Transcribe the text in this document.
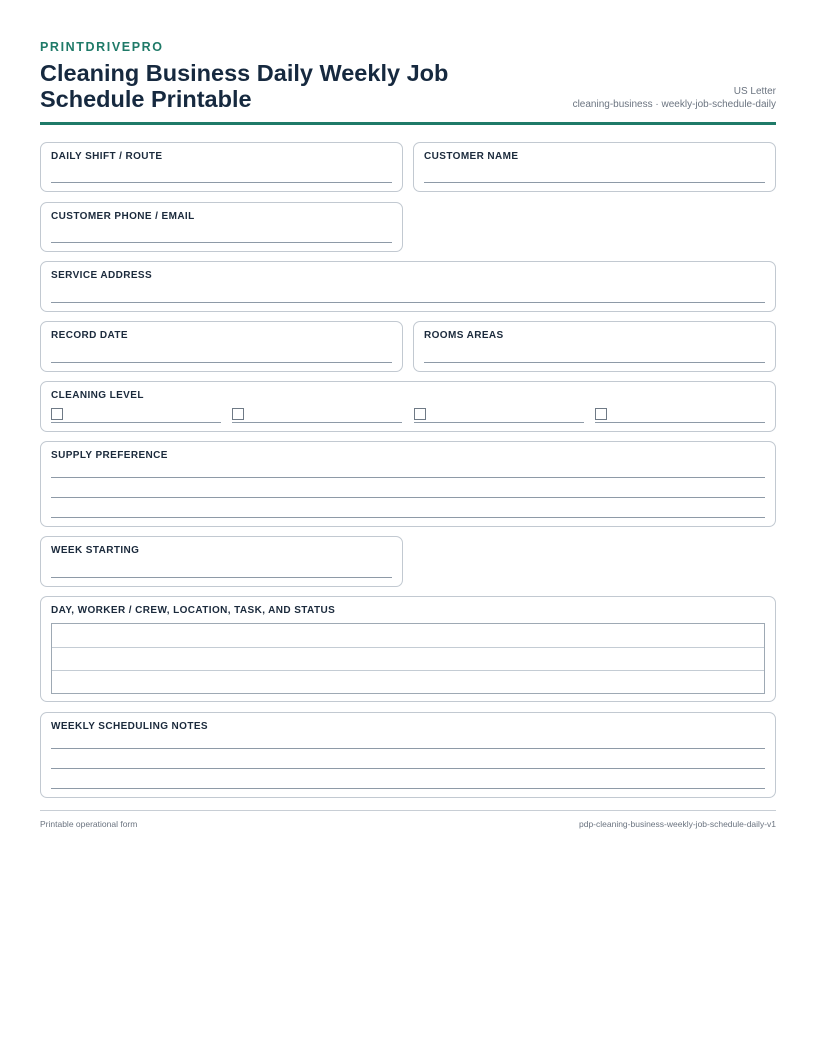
PRINTDRIVEPRO
Cleaning Business Daily Weekly Job Schedule Printable	US Letter
cleaning-business · weekly-job-schedule-daily
DAILY SHIFT / ROUTE	CUSTOMER NAME
CUSTOMER PHONE / EMAIL
SERVICE ADDRESS
RECORD DATE	ROOMS AREAS
CLEANING LEVEL
SUPPLY PREFERENCE
WEEK STARTING
DAY, WORKER / CREW, LOCATION, TASK, AND STATUS
WEEKLY SCHEDULING NOTES
Printable operational form	pdp-cleaning-business-weekly-job-schedule-daily-v1
